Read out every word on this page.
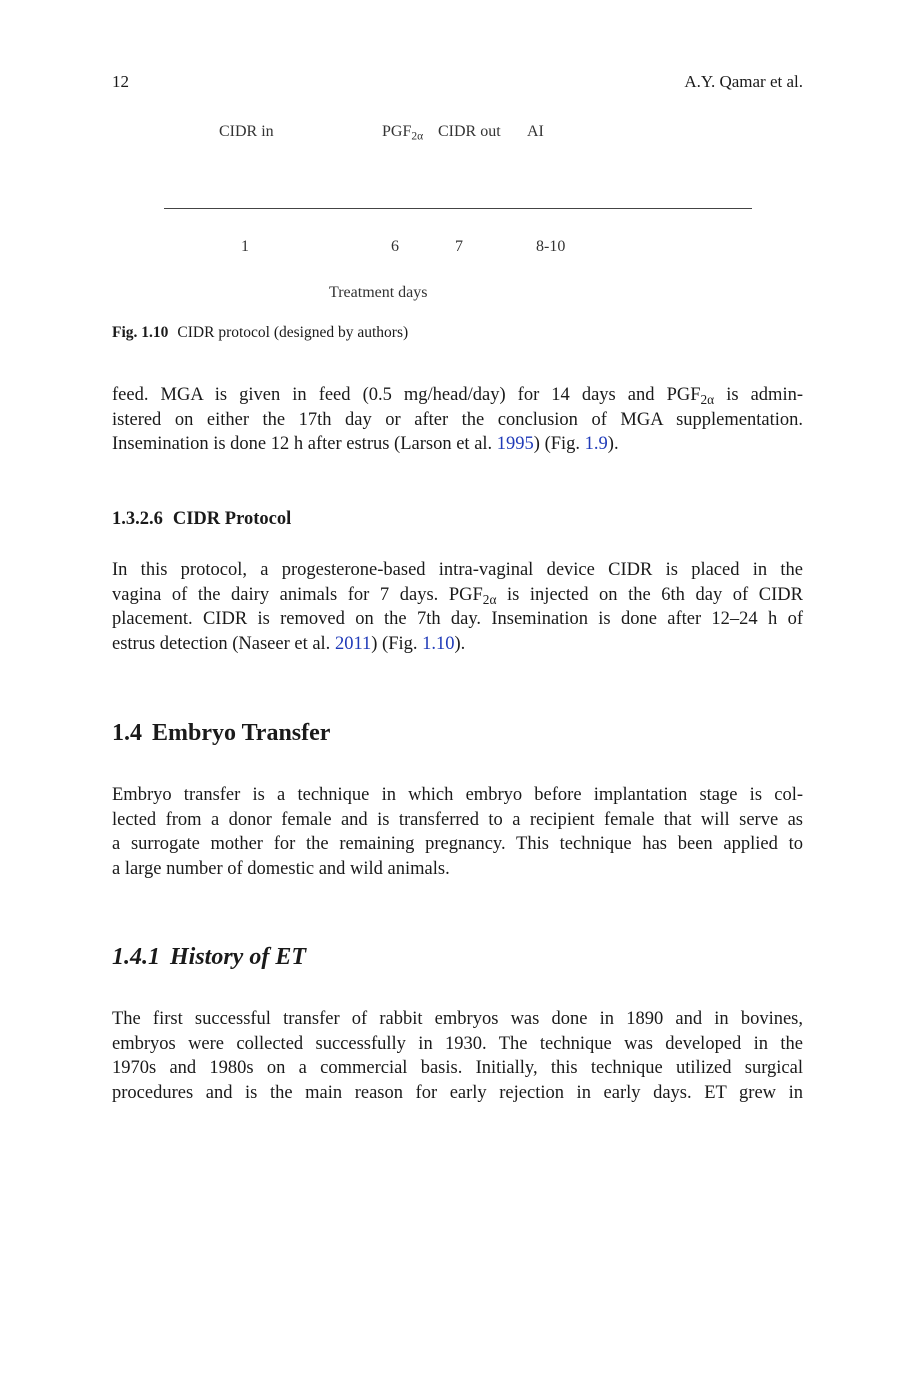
12	A.Y. Qamar et al.
CIDR in	$PGF_{2\alpha}$ CIDR out AI
1	6	7	8-10
Treatment days
Fig. 1.10 CIDR protocol (designed by authors)
feed. MGA is given in feed (0.5 mg/head/day) for 14 days and $PGF_{2\alpha}$ is admin-
istered on either the 17th day or after the conclusion of MGA supplementation.
Insemination is done 12 h after estrus (Larson et al. 1995) (Fig. 1.9).
1.3.2.6 CIDR Protocol
In this protocol, a progesterone-based intra-vaginal device CIDR is placed in the
vagina of the dairy animals for 7 days. $PGF_{2\alpha}$ is injected on the 6th day of CIDR
placement. CIDR is removed on the 7th day. Insemination is done after 12–24 h of
estrus detection (Naseer et al. 2011) (Fig. 1.10).
1.4 Embryo Transfer
Embryo transfer is a technique in which embryo before implantation stage is col-
lected from a donor female and is transferred to a recipient female that will serve as
a surrogate mother for the remaining pregnancy. This technique has been applied to
a large number of domestic and wild animals.
1.4.1 History of ET
The first successful transfer of rabbit embryos was done in 1890 and in bovines,
embryos were collected successfully in 1930. The technique was developed in the
1970s and 1980s on a commercial basis. Initially, this technique utilized surgical
procedures and is the main reason for early rejection in early days. ET grew in
